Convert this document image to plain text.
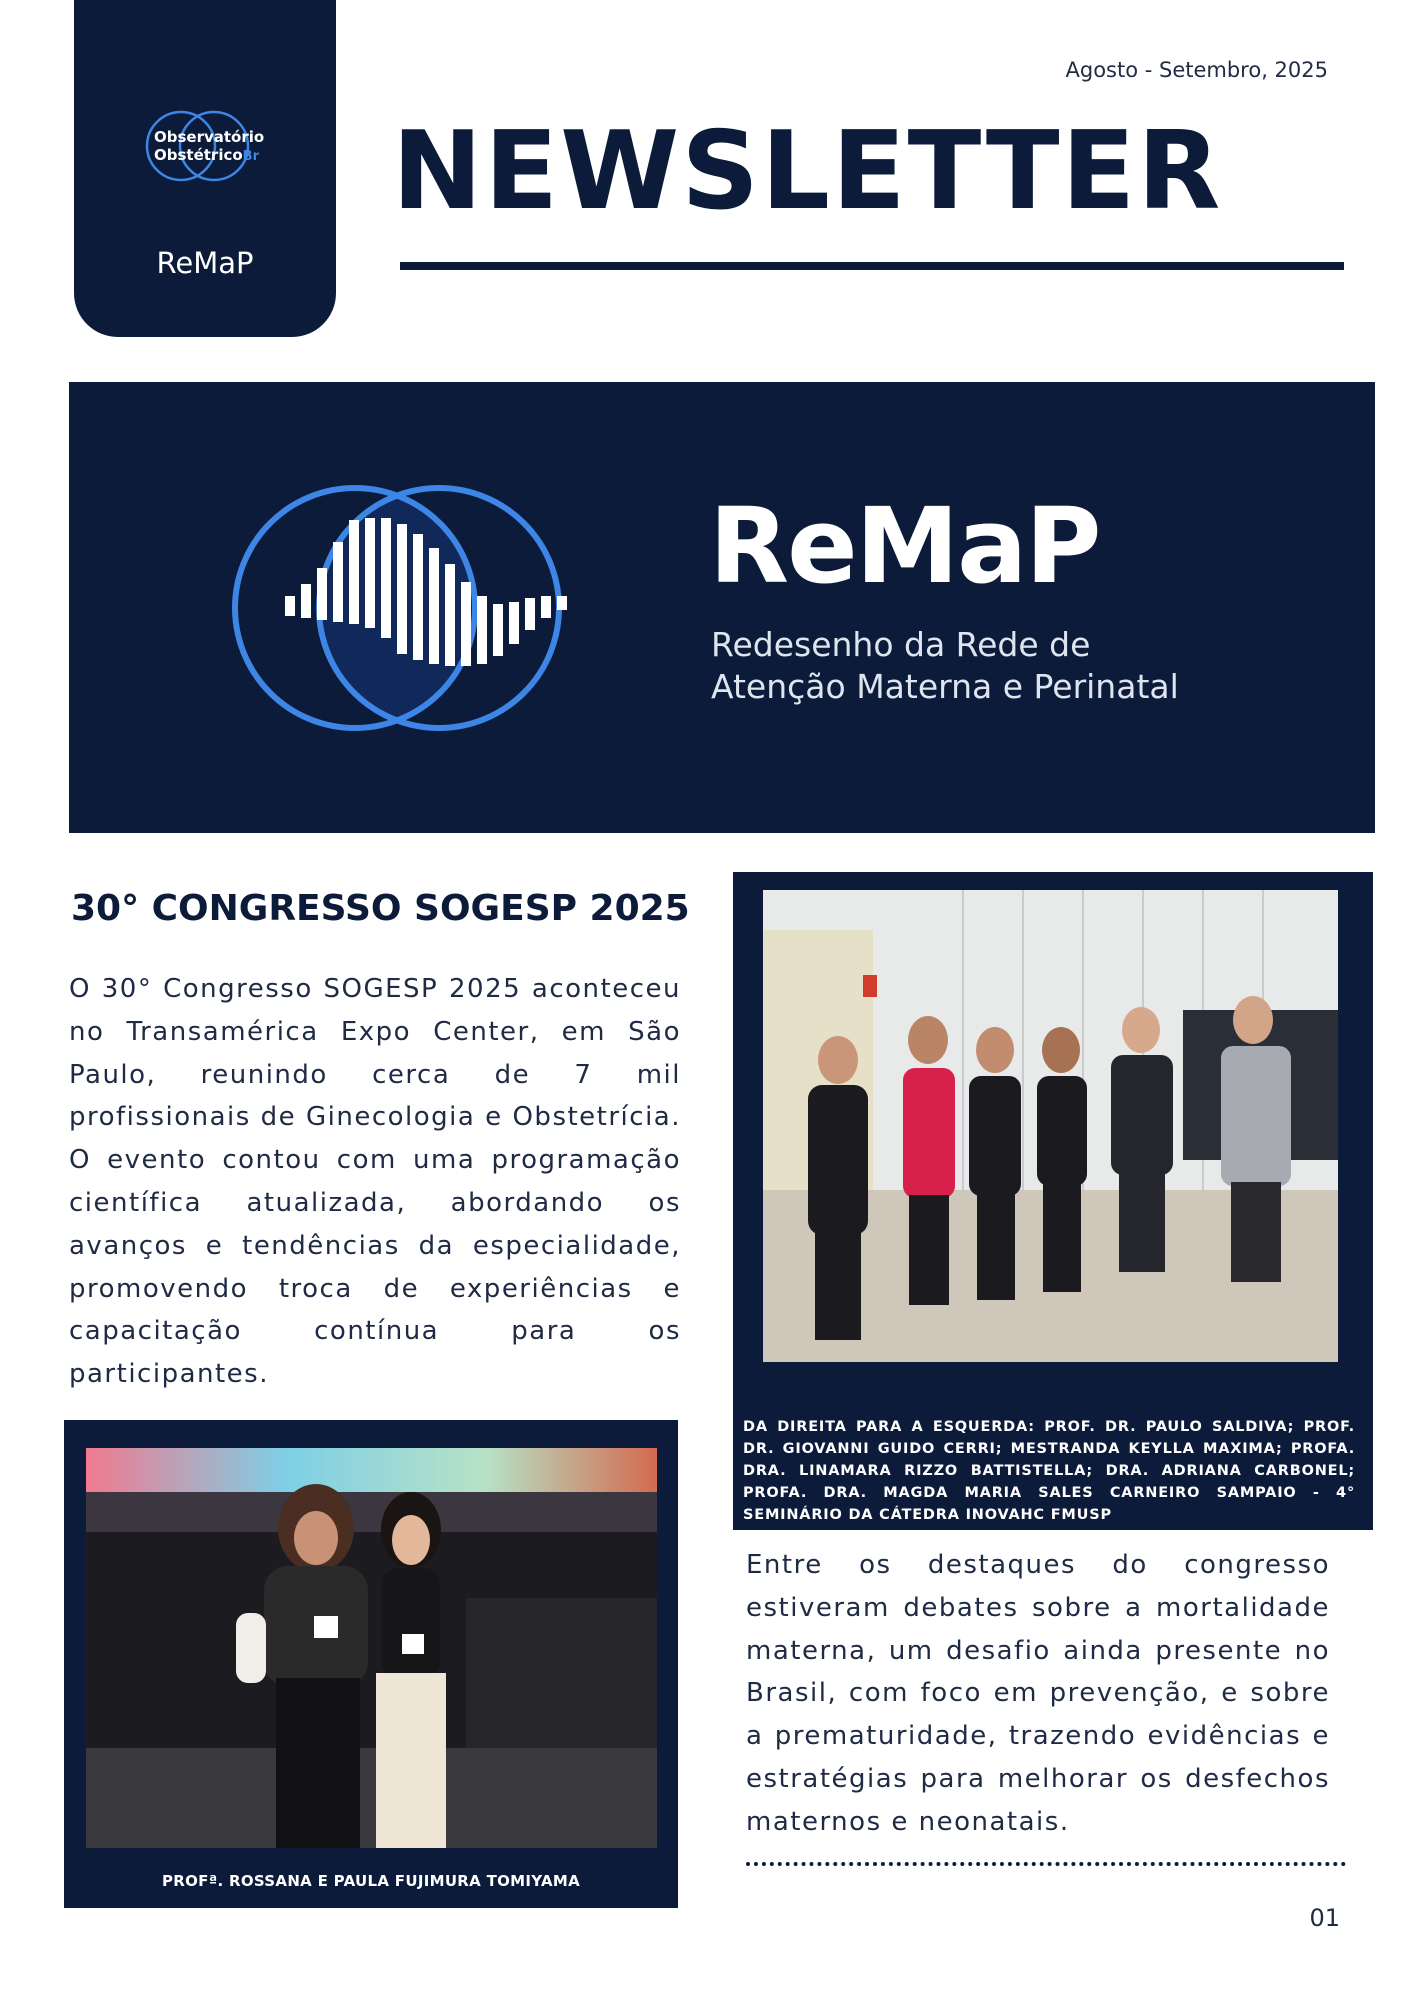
Observatório
ObstétricoBr
ReMaP
Agosto - Setembro, 2025
NEWSLETTER
ReMaP
Redesenho da Rede de
Atenção Materna e Perinatal
30° CONGRESSO SOGESP 2025

O 30° Congresso SOGESP 2025 aconteceu no Transamérica Expo Center, em São Paulo, reunindo cerca de 7 mil profissionais de Ginecologia e Obstetrícia. O evento contou com uma programação científica atualizada, abordando os avanços e tendências da especialidade, promovendo troca de experiências e capacitação contínua para os participantes.

DA DIREITA PARA A ESQUERDA: PROF. DR. PAULO SALDIVA; PROF. DR. GIOVANNI GUIDO CERRI; MESTRANDA KEYLLA MAXIMA; PROFA. DRA. LINAMARA RIZZO BATTISTELLA; DRA. ADRIANA CARBONEL; PROFA. DRA. MAGDA MARIA SALES CARNEIRO SAMPAIO - 4° SEMINÁRIO DA CÁTEDRA INOVAHC FMUSP
PROFª. ROSSANA E PAULA FUJIMURA TOMIYAMA

Entre os destaques do congresso estiveram debates sobre a mortalidade materna, um desafio ainda presente no Brasil, com foco em prevenção, e sobre a prematuridade, trazendo evidências e estratégias para melhorar os desfechos maternos e neonatais.

01
